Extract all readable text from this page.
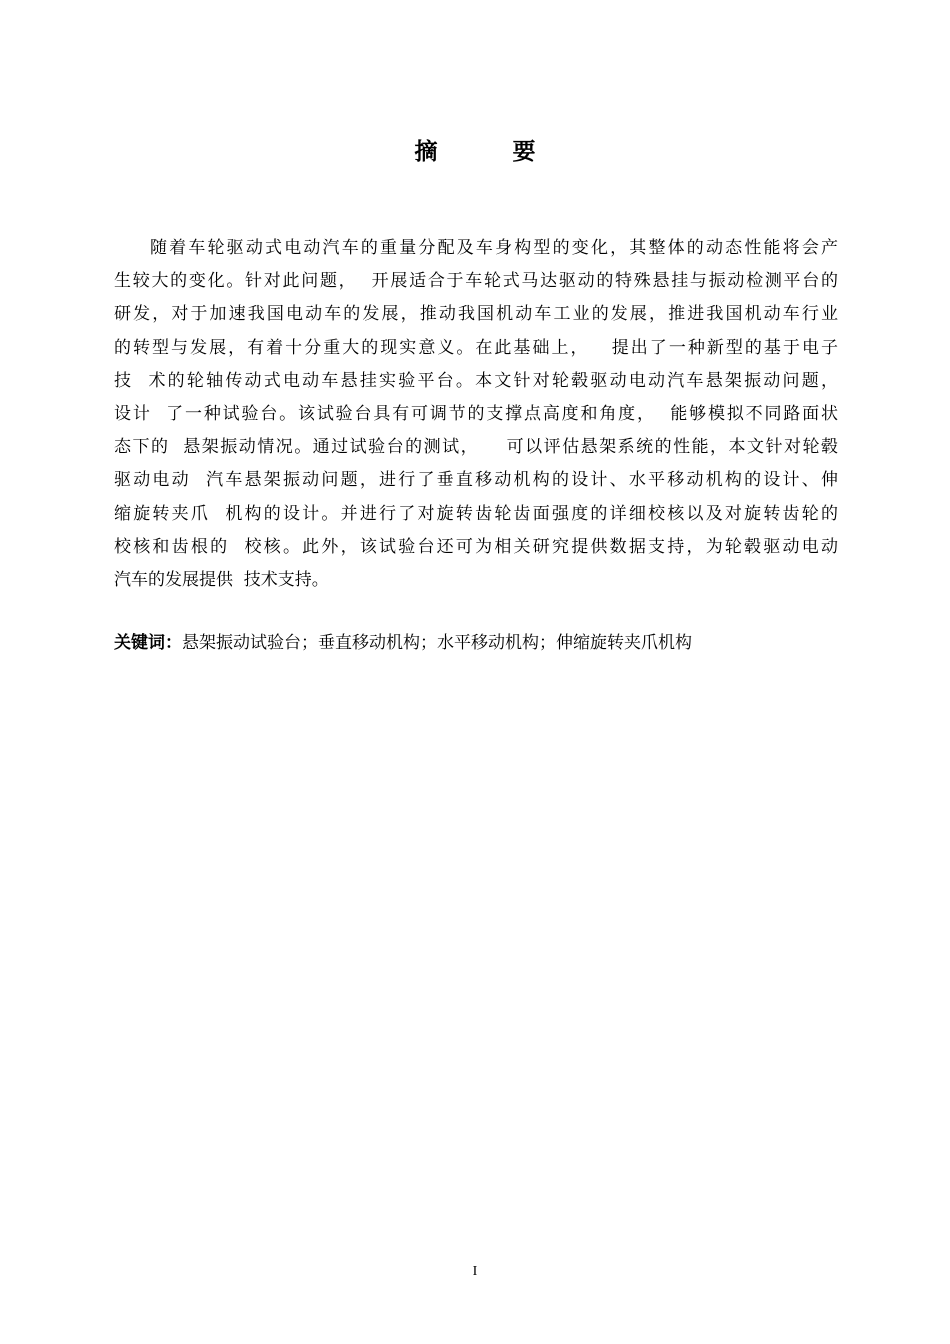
摘　要
随着车轮驱动式电动汽车的重量分配及车身构型的变化，其整体的动态性能将会产
生较大的变化。针对此问题，  开展适合于车轮式马达驱动的特殊悬挂与振动检测平台的
研发，对于加速我国电动车的发展，推动我国机动车工业的发展，推进我国机动车行业
的转型与发展，有着十分重大的现实意义。在此基础上，   提出了一种新型的基于电子
技  术的轮轴传动式电动车悬挂实验平台。本文针对轮毂驱动电动汽车悬架振动问题，
设计  了一种试验台。该试验台具有可调节的支撑点高度和角度，  能够模拟不同路面状
态下的  悬架振动情况。通过试验台的测试，    可以评估悬架系统的性能，本文针对轮毂
驱动电动  汽车悬架振动问题，进行了垂直移动机构的设计、水平移动机构的设计、伸
缩旋转夹爪  机构的设计。并进行了对旋转齿轮齿面强度的详细校核以及对旋转齿轮的
校核和齿根的  校核。此外，该试验台还可为相关研究提供数据支持，为轮毂驱动电动
汽车的发展提供  技术支持。
关键词：悬架振动试验台；垂直移动机构；水平移动机构；伸缩旋转夹爪机构
I
